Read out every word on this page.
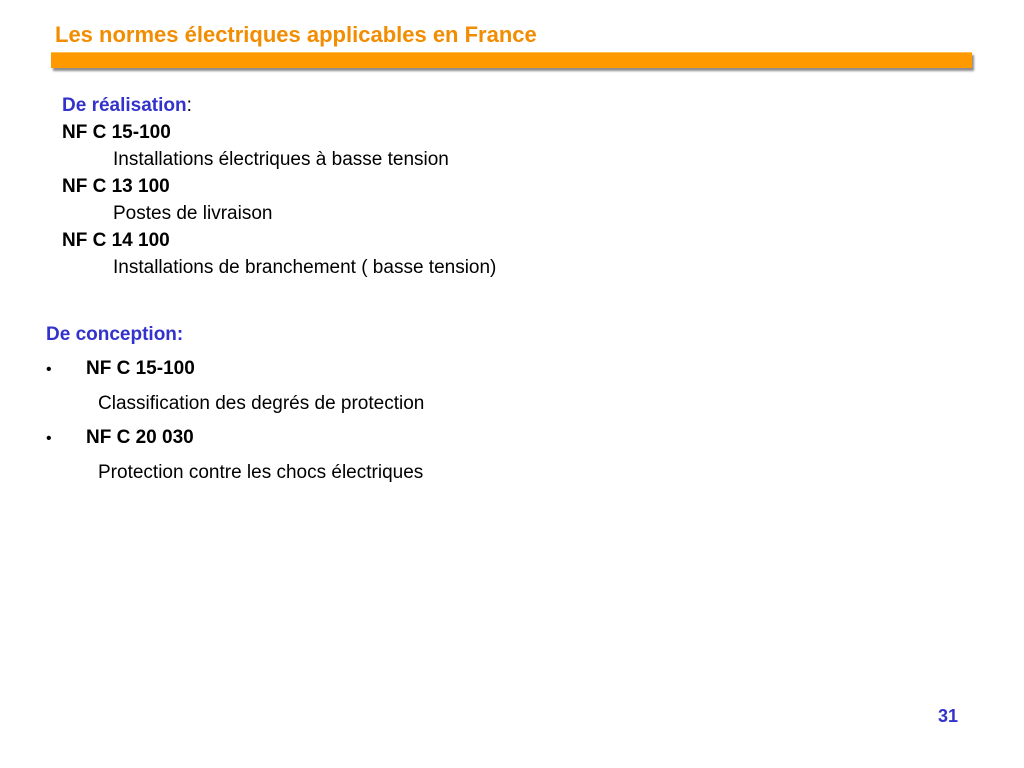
Les normes électriques applicables en France
De réalisation:
NF C 15-100
Installations électriques à basse tension
NF C 13 100
Postes de livraison
NF C 14 100
Installations de branchement ( basse tension)
De conception:
•	NF C 15-100
Classification des degrés de protection
•	NF C 20 030
Protection contre les chocs électriques
31
